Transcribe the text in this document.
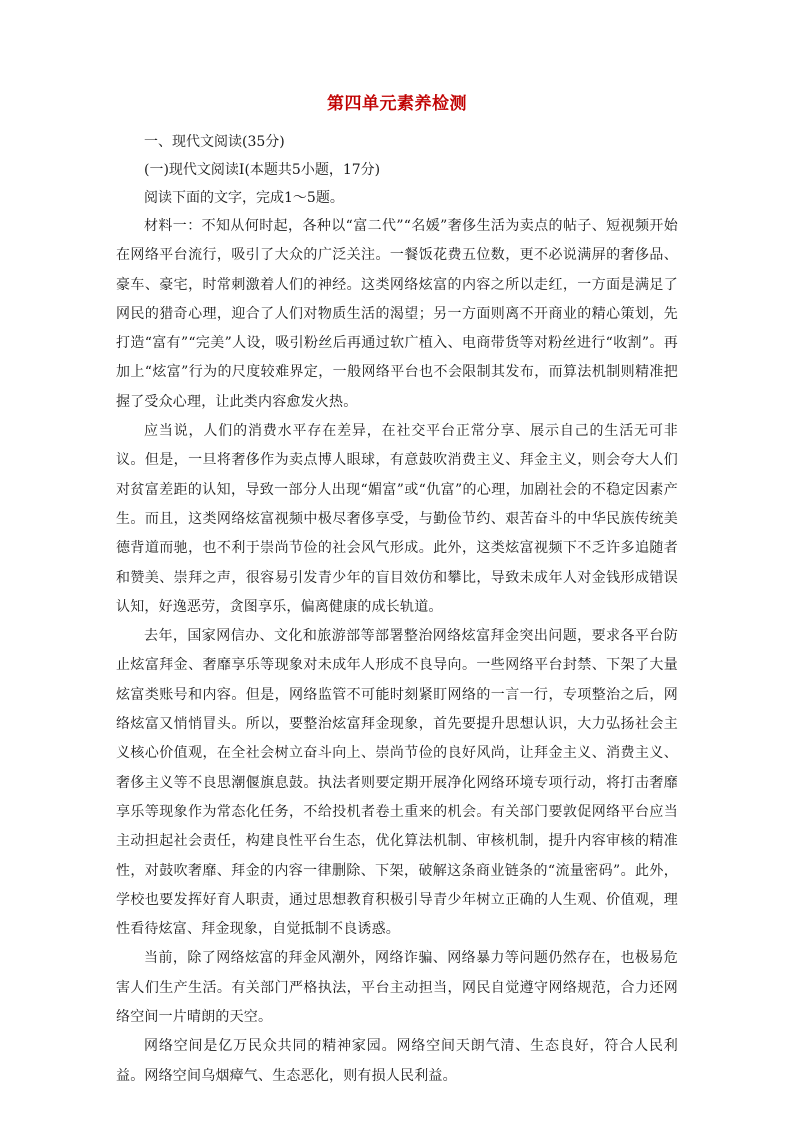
第四单元素养检测

一、现代文阅读(35分)

(一)现代文阅读Ⅰ(本题共5小题，17分)

阅读下面的文字，完成1～5题。

材料一：不知从何时起，各种以“富二代”“名媛”奢侈生活为卖点的帖子、短视频开始在网络平台流行，吸引了大众的广泛关注。一餐饭花费五位数，更不必说满屏的奢侈品、豪车、豪宅，时常刺激着人们的神经。这类网络炫富的内容之所以走红，一方面是满足了网民的猎奇心理，迎合了人们对物质生活的渴望；另一方面则离不开商业的精心策划，先打造“富有”“完美”人设，吸引粉丝后再通过软广植入、电商带货等对粉丝进行“收割”。再加上“炫富”行为的尺度较难界定，一般网络平台也不会限制其发布，而算法机制则精准把握了受众心理，让此类内容愈发火热。

应当说，人们的消费水平存在差异，在社交平台正常分享、展示自己的生活无可非议。但是，一旦将奢侈作为卖点博人眼球，有意鼓吹消费主义、拜金主义，则会夸大人们对贫富差距的认知，导致一部分人出现“媚富”或“仇富”的心理，加剧社会的不稳定因素产生。而且，这类网络炫富视频中极尽奢侈享受，与勤俭节约、艰苦奋斗的中华民族传统美德背道而驰，也不利于崇尚节俭的社会风气形成。此外，这类炫富视频下不乏许多追随者和赞美、崇拜之声，很容易引发青少年的盲目效仿和攀比，导致未成年人对金钱形成错误认知，好逸恶劳，贪图享乐，偏离健康的成长轨道。

去年，国家网信办、文化和旅游部等部署整治网络炫富拜金突出问题，要求各平台防止炫富拜金、奢靡享乐等现象对未成年人形成不良导向。一些网络平台封禁、下架了大量炫富类账号和内容。但是，网络监管不可能时刻紧盯网络的一言一行，专项整治之后，网络炫富又悄悄冒头。所以，要整治炫富拜金现象，首先要提升思想认识，大力弘扬社会主义核心价值观，在全社会树立奋斗向上、崇尚节俭的良好风尚，让拜金主义、消费主义、奢侈主义等不良思潮偃旗息鼓。执法者则要定期开展净化网络环境专项行动，将打击奢靡享乐等现象作为常态化任务，不给投机者卷土重来的机会。有关部门要敦促网络平台应当主动担起社会责任，构建良性平台生态，优化算法机制、审核机制，提升内容审核的精准性，对鼓吹奢靡、拜金的内容一律删除、下架，破解这条商业链条的“流量密码”。此外，学校也要发挥好育人职责，通过思想教育积极引导青少年树立正确的人生观、价值观，理性看待炫富、拜金现象，自觉抵制不良诱惑。

当前，除了网络炫富的拜金风潮外，网络诈骗、网络暴力等问题仍然存在，也极易危害人们生产生活。有关部门严格执法，平台主动担当，网民自觉遵守网络规范，合力还网络空间一片晴朗的天空。

网络空间是亿万民众共同的精神家园。网络空间天朗气清、生态良好，符合人民利益。网络空间乌烟瘴气、生态恶化，则有损人民利益。
